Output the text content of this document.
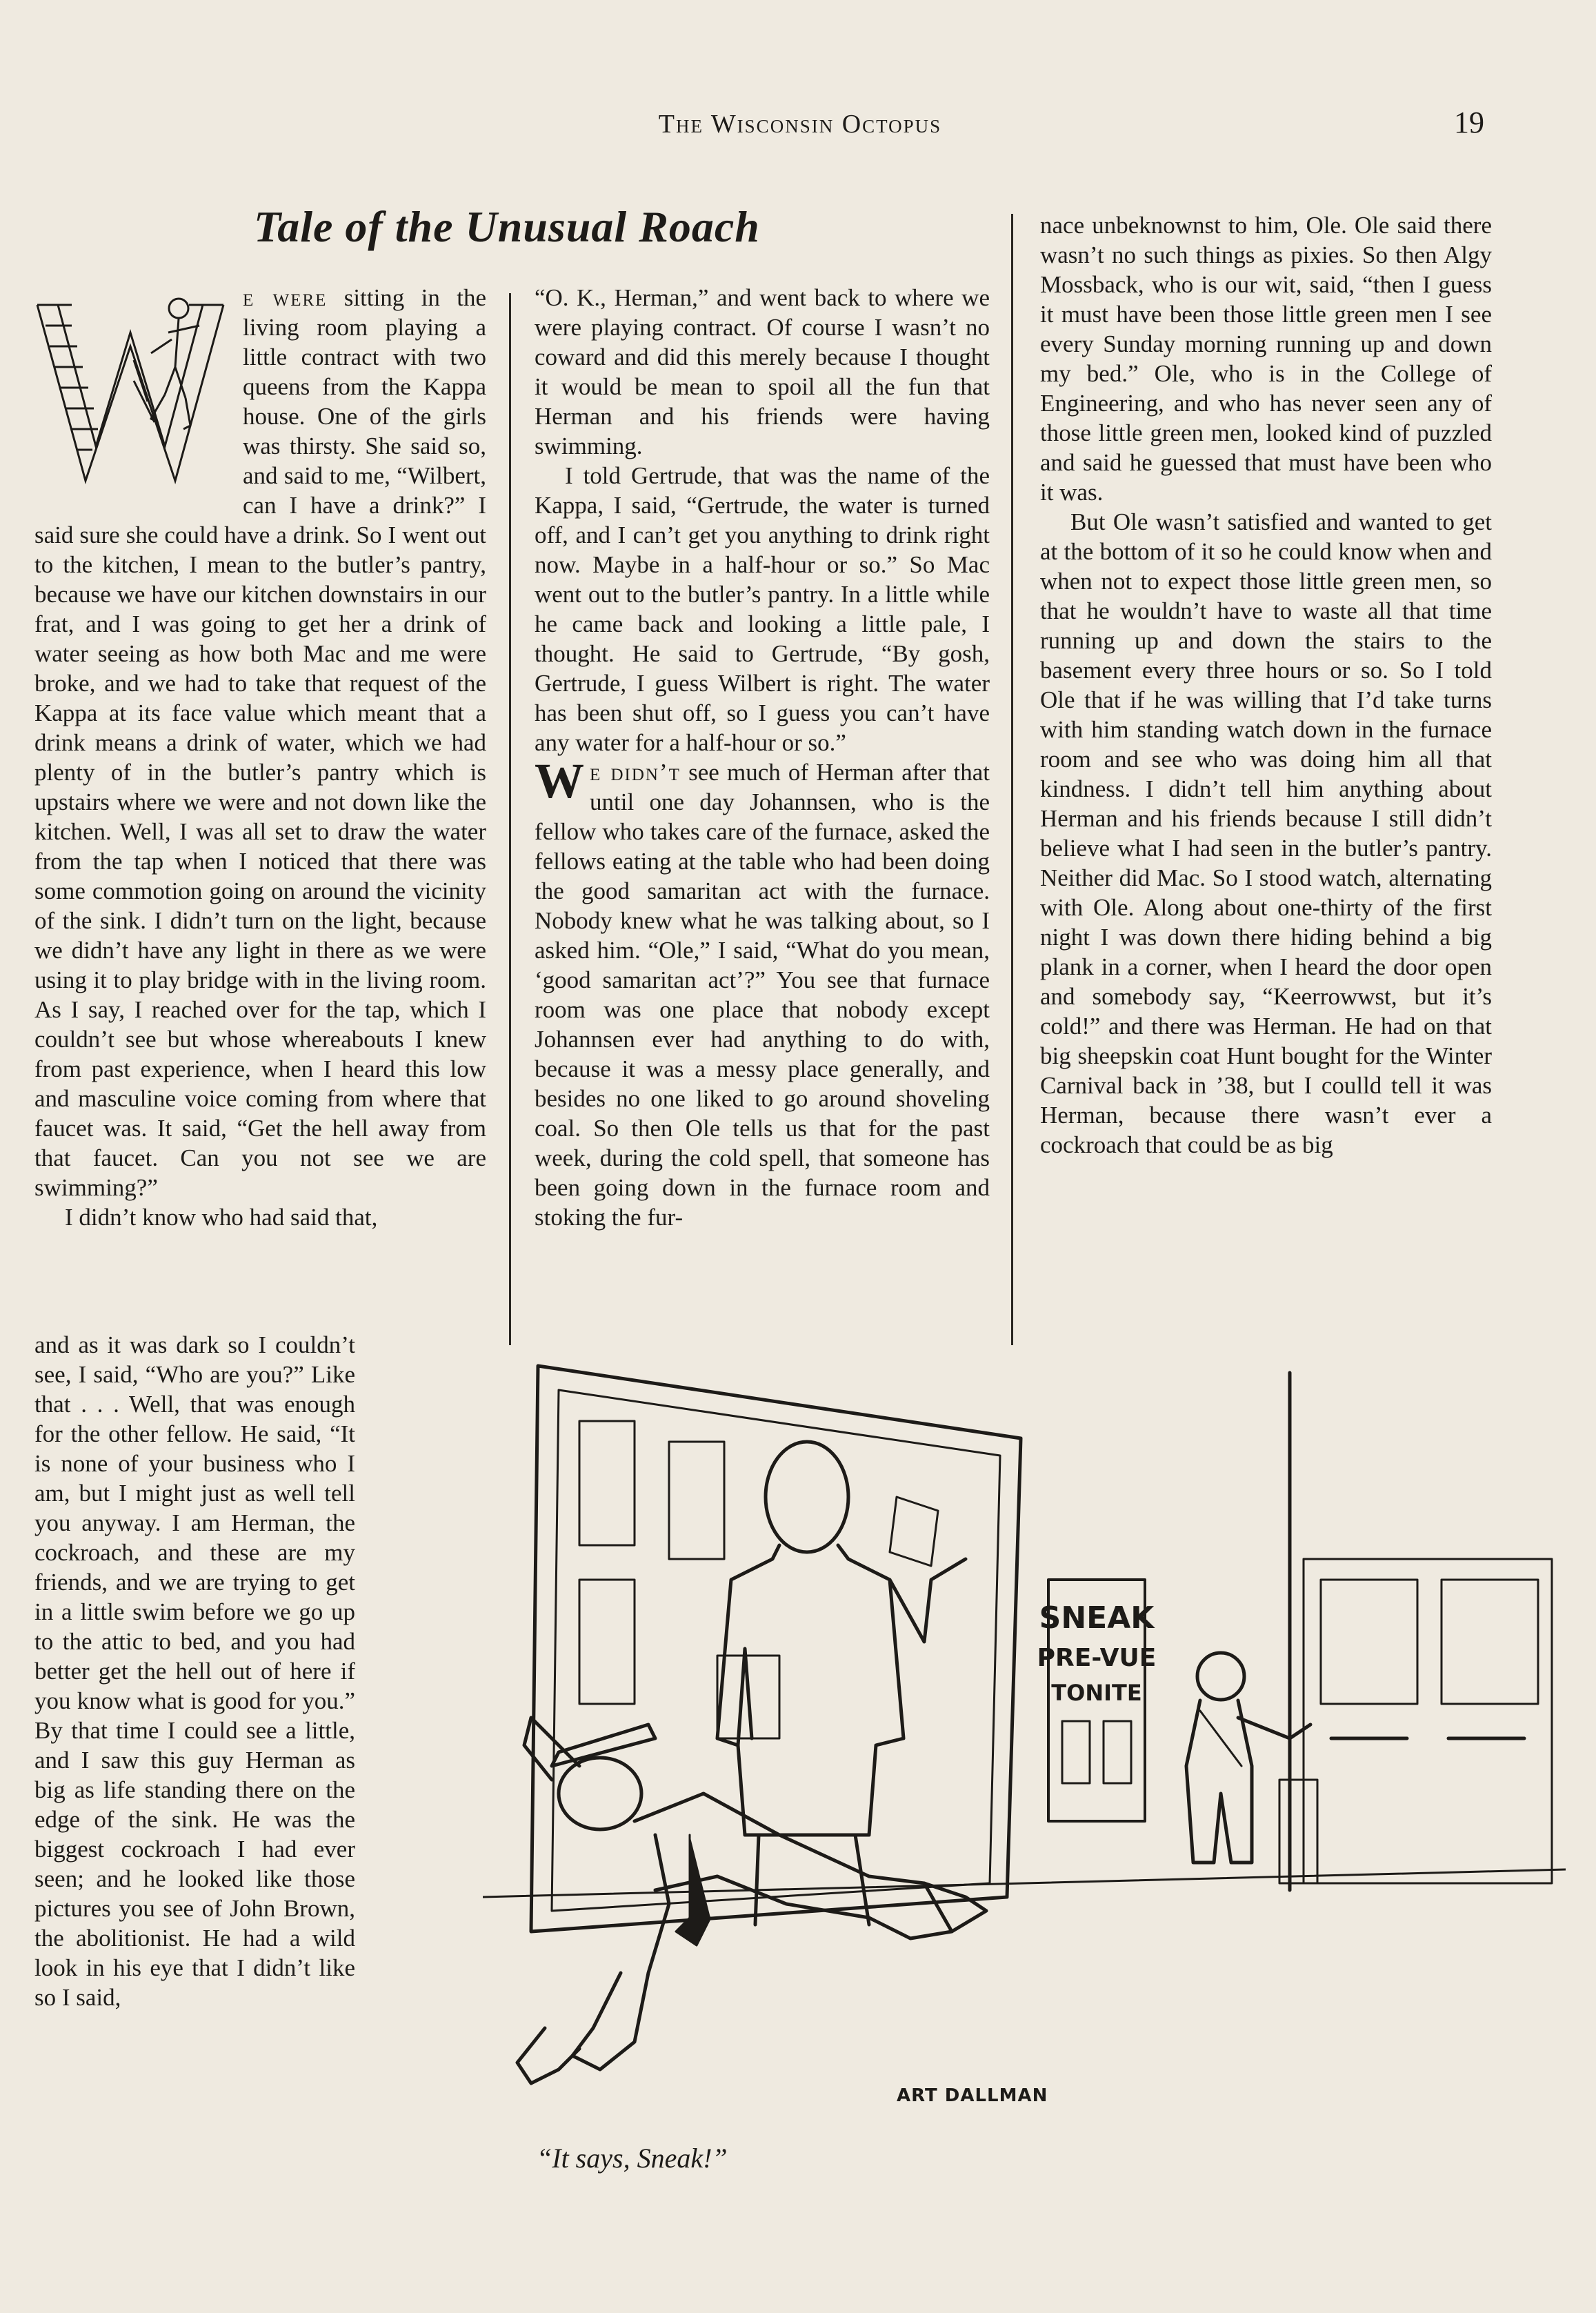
The Wisconsin Octopus	19
Tale of the Unusual Roach

e were sitting in the living room playing a little contract with two queens from the Kappa house. One of the girls was thirsty. She said so, and said to me, “Wilbert, can I have a drink?” I said sure she could have a drink. So I went out to the kitchen, I mean to the butler’s pantry, because we have our kitchen downstairs in our frat, and I was going to get her a drink of water seeing as how both Mac and me were broke, and we had to take that request of the Kappa at its face value which meant that a drink means a drink of water, which we had plenty of in the butler’s pantry which is upstairs where we were and not down like the kitchen. Well, I was all set to draw the water from the tap when I noticed that there was some commotion going on around the vicinity of the sink. I didn’t turn on the light, because we didn’t have any light in there as we were using it to play bridge with in the living room. As I say, I reached over for the tap, which I couldn’t see but whose whereabouts I knew from past experience, when I heard this low and masculine voice coming from where that faucet was. It said, “Get the hell away from that faucet. Can you not see we are swimming?”

I didn’t know who had said that,

and as it was dark so I couldn’t see, I said, “Who are you?” Like that . . . Well, that was enough for the other fellow. He said, “It is none of your business who I am, but I might just as well tell you anyway. I am Herman, the cockroach, and these are my friends, and we are trying to get in a little swim before we go up to the attic to bed, and you had better get the hell out of here if you know what is good for you.” By that time I could see a little, and I saw this guy Herman as big as life standing there on the edge of the sink. He was the biggest cockroach I had ever seen; and he looked like those pictures you see of John Brown, the abolitionist. He had a wild look in his eye that I didn’t like so I said,

“O. K., Herman,” and went back to where we were playing contract. Of course I wasn’t no coward and did this merely because I thought it would be mean to spoil all the fun that Herman and his friends were having swimming.

I told Gertrude, that was the name of the Kappa, I said, “Gertrude, the water is turned off, and I can’t get you anything to drink right now. Maybe in a half-hour or so.” So Mac went out to the butler’s pantry. In a little while he came back and looking a little pale, I thought. He said to Gertrude, “By gosh, Gertrude, I guess Wilbert is right. The water has been shut off, so I guess you can’t have any water for a half-hour or so.”

We didn’t see much of Herman after that until one day Johannsen, who is the fellow who takes care of the furnace, asked the fellows eating at the table who had been doing the good samaritan act with the furnace. Nobody knew what he was talking about, so I asked him. “Ole,” I said, “What do you mean, ‘good samaritan act’?” You see that furnace room was one place that nobody except Johannsen ever had anything to do with, because it was a messy place generally, and besides no one liked to go around shoveling coal. So then Ole tells us that for the past week, during the cold spell, that someone has been going down in the furnace room and stoking the fur-

nace unbeknownst to him, Ole. Ole said there wasn’t no such things as pixies. So then Algy Mossback, who is our wit, said, “then I guess it must have been those little green men I see every Sunday morning running up and down my bed.” Ole, who is in the College of Engineering, and who has never seen any of those little green men, looked kind of puzzled and said he guessed that must have been who it was.

But Ole wasn’t satisfied and wanted to get at the bottom of it so he could know when and when not to expect those little green men, so that he wouldn’t have to waste all that time running up and down the stairs to the basement every three hours or so. So I told Ole that if he was willing that I’d take turns with him standing watch down in the furnace room and see who was doing him all that kindness. I didn’t tell him anything about Herman and his friends because I still didn’t believe what I had seen in the butler’s pantry. Neither did Mac. So I stood watch, alternating with Ole. Along about one-thirty of the first night I was down there hiding behind a big plank in a corner, when I heard the door open and somebody say, “Keerrowwst, but it’s cold!” and there was Herman. He had on that big sheepskin coat Hunt bought for the Winter Carnival back in ’38, but I coulld tell it was Herman, because there wasn’t ever a cockroach that could be as big

SNEAK
PRE-VUE
TONITE
ART DALLMAN
“It says, Sneak!”
